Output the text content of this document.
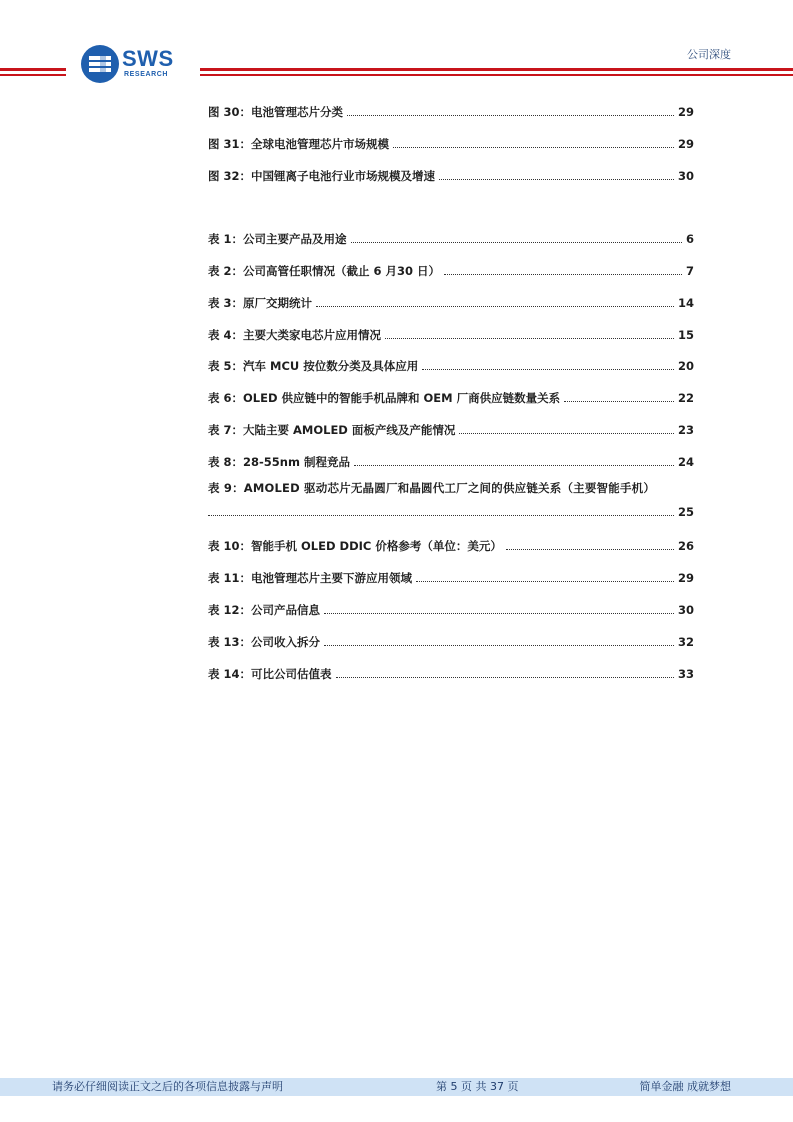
SWS
RESEARCH
公司深度
图 30：电池管理芯片分类	29
图 31：全球电池管理芯片市场规模	29
图 32：中国锂离子电池行业市场规模及增速	30
表 1：公司主要产品及用途	6
表 2：公司高管任职情况（截止 6 月30 日）	7
表 3：原厂交期统计	14
表 4：主要大类家电芯片应用情况	15
表 5：汽车 MCU 按位数分类及具体应用	20
表 6：OLED 供应链中的智能手机品牌和 OEM 厂商供应链数量关系	22
表 7：大陆主要 AMOLED 面板产线及产能情况	23
表 8：28-55nm 制程竞品	24
表 9：AMOLED 驱动芯片无晶圆厂和晶圆代工厂之间的供应链关系（主要智能手机）
25
表 10：智能手机 OLED DDIC 价格参考（单位：美元）	26
表 11：电池管理芯片主要下游应用领域	29
表 12：公司产品信息	30
表 13：公司收入拆分	32
表 14：可比公司估值表	33
请务必仔细阅读正文之后的各项信息披露与声明	第 5 页 共 37 页	简单金融 成就梦想
